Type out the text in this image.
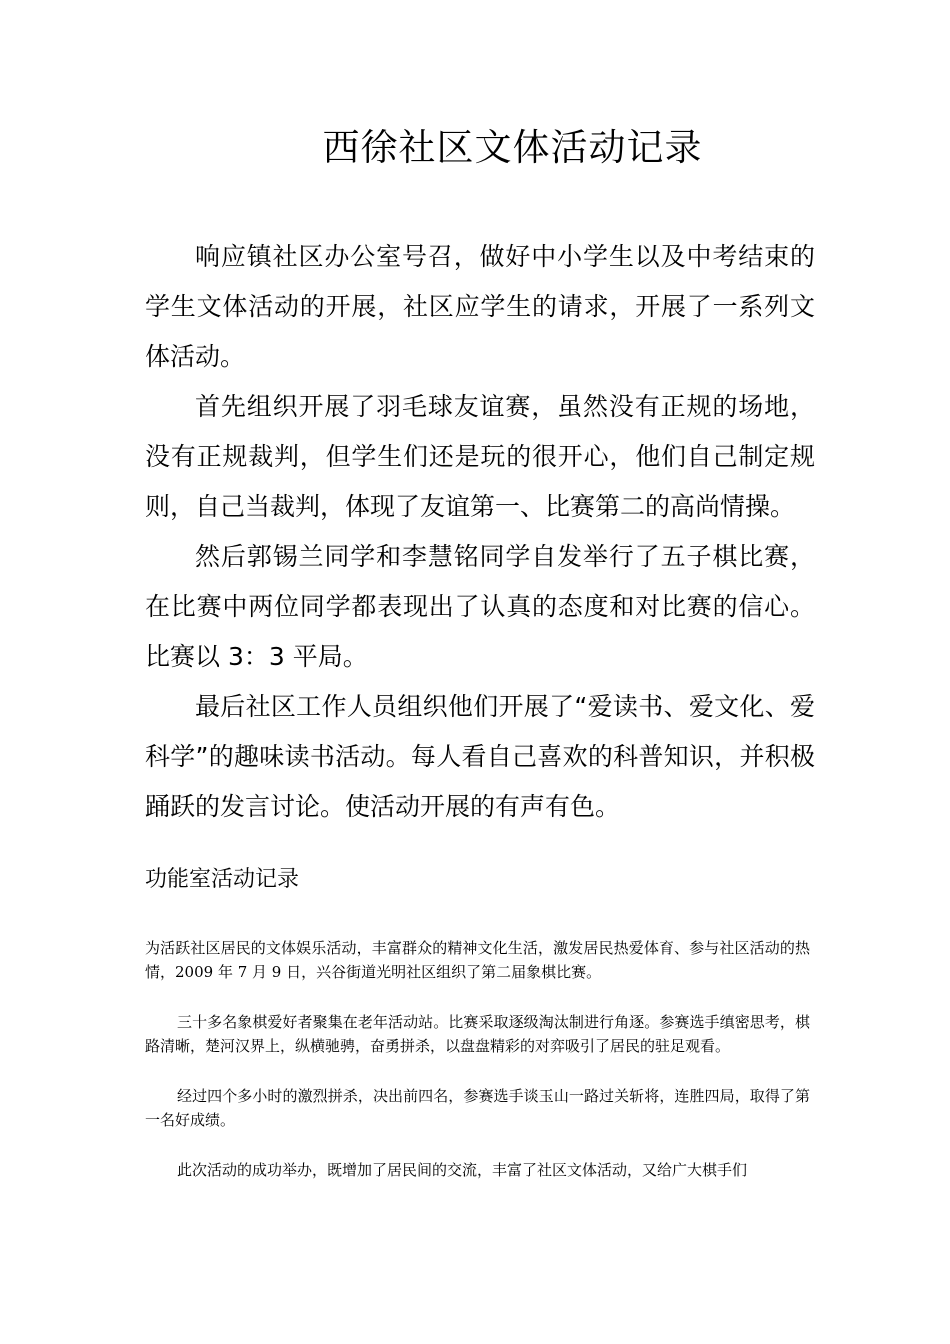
西徐社区文体活动记录

响应镇社区办公室号召，做好中小学生以及中考结束的学生文体活动的开展，社区应学生的请求，开展了一系列文体活动。

首先组织开展了羽毛球友谊赛，虽然没有正规的场地，没有正规裁判，但学生们还是玩的很开心，他们自己制定规则，自己当裁判，体现了友谊第一、比赛第二的高尚情操。

然后郭锡兰同学和李慧铭同学自发举行了五子棋比赛，在比赛中两位同学都表现出了认真的态度和对比赛的信心。比赛以 3：3 平局。

最后社区工作人员组织他们开展了“爱读书、爱文化、爱科学”的趣味读书活动。每人看自己喜欢的科普知识，并积极踊跃的发言讨论。使活动开展的有声有色。

功能室活动记录

为活跃社区居民的文体娱乐活动，丰富群众的精神文化生活，激发居民热爱体育、参与社区活动的热情，2009 年 7 月 9 日，兴谷街道光明社区组织了第二届象棋比赛。

三十多名象棋爱好者聚集在老年活动站。比赛采取逐级淘汰制进行角逐。参赛选手缜密思考，棋路清晰，楚河汉界上，纵横驰骋，奋勇拼杀，以盘盘精彩的对弈吸引了居民的驻足观看。

经过四个多小时的激烈拼杀，决出前四名，参赛选手谈玉山一路过关斩将，连胜四局，取得了第一名好成绩。

此次活动的成功举办，既增加了居民间的交流，丰富了社区文体活动，又给广大棋手们
